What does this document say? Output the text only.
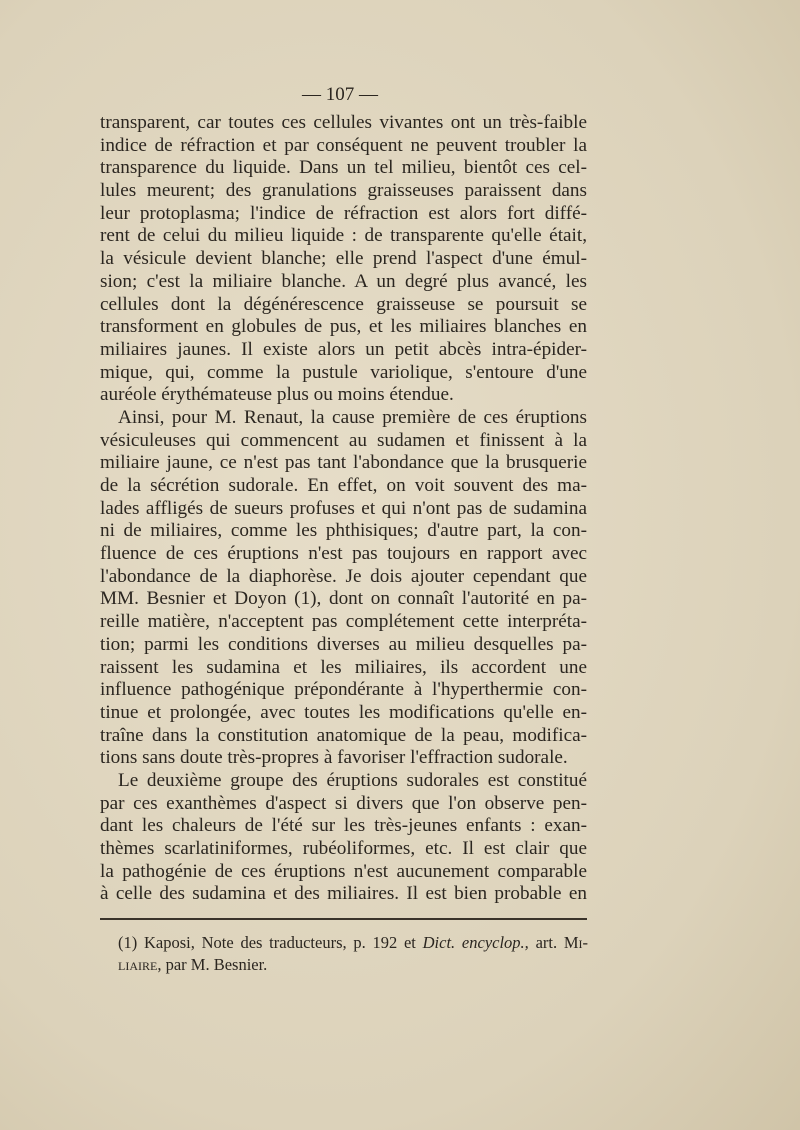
— 107 —
transparent, car toutes ces cellules vivantes ont un très-faible
indice de réfraction et par conséquent ne peuvent troubler la
transparence du liquide. Dans un tel milieu, bientôt ces cel-
lules meurent; des granulations graisseuses paraissent dans
leur protoplasma; l'indice de réfraction est alors fort diffé-
rent de celui du milieu liquide : de transparente qu'elle était,
la vésicule devient blanche; elle prend l'aspect d'une émul-
sion; c'est la miliaire blanche. A un degré plus avancé, les
cellules dont la dégénérescence graisseuse se poursuit se
transforment en globules de pus, et les miliaires blanches en
miliaires jaunes. Il existe alors un petit abcès intra-épider-
mique, qui, comme la pustule variolique, s'entoure d'une
auréole érythémateuse plus ou moins étendue.
Ainsi, pour M. Renaut, la cause première de ces éruptions
vésiculeuses qui commencent au sudamen et finissent à la
miliaire jaune, ce n'est pas tant l'abondance que la brusquerie
de la sécrétion sudorale. En effet, on voit souvent des ma-
lades affligés de sueurs profuses et qui n'ont pas de sudamina
ni de miliaires, comme les phthisiques; d'autre part, la con-
fluence de ces éruptions n'est pas toujours en rapport avec
l'abondance de la diaphorèse. Je dois ajouter cependant que
MM. Besnier et Doyon (1), dont on connaît l'autorité en pa-
reille matière, n'acceptent pas complétement cette interpréta-
tion; parmi les conditions diverses au milieu desquelles pa-
raissent les sudamina et les miliaires, ils accordent une
influence pathogénique prépondérante à l'hyperthermie con-
tinue et prolongée, avec toutes les modifications qu'elle en-
traîne dans la constitution anatomique de la peau, modifica-
tions sans doute très-propres à favoriser l'effraction sudorale.
Le deuxième groupe des éruptions sudorales est constitué
par ces exanthèmes d'aspect si divers que l'on observe pen-
dant les chaleurs de l'été sur les très-jeunes enfants : exan-
thèmes scarlatiniformes, rubéoliformes, etc. Il est clair que
la pathogénie de ces éruptions n'est aucunement comparable
à celle des sudamina et des miliaires. Il est bien probable en
(1) Kaposi, Note des traducteurs, p. 192 et Dict. encyclop., art. Mi-
liaire, par M. Besnier.
